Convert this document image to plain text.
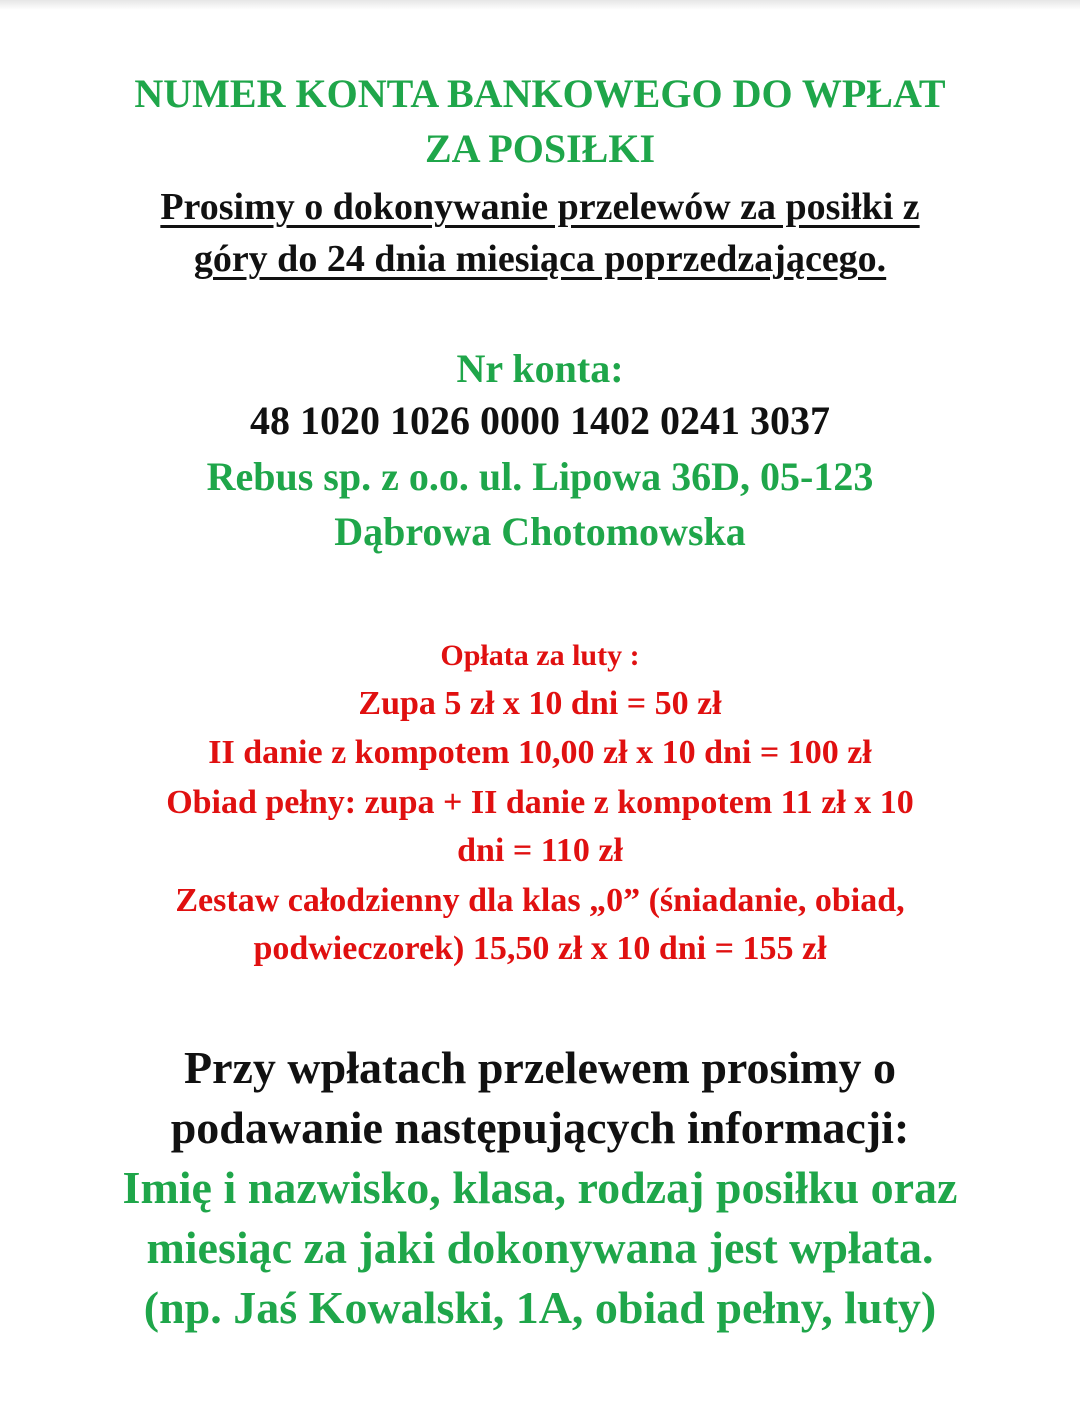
NUMER KONTA BANKOWEGO DO WPŁAT

ZA POSIŁKI

Prosimy o dokonywanie przelewów za posiłki z

góry do 24 dnia miesiąca poprzedzającego.

Nr konta:

48 1020 1026 0000 1402 0241 3037

Rebus sp. z o.o. ul. Lipowa 36D, 05-123

Dąbrowa Chotomowska

Opłata za luty :

Zupa 5 zł x 10 dni = 50 zł

II danie z kompotem 10,00 zł x 10 dni = 100 zł

Obiad pełny: zupa + II danie z kompotem 11 zł x 10

dni = 110 zł

Zestaw całodzienny dla klas „0” (śniadanie, obiad,

podwieczorek) 15,50 zł x 10 dni = 155 zł

Przy wpłatach przelewem prosimy o

podawanie następujących informacji:

Imię i nazwisko, klasa, rodzaj posiłku oraz

miesiąc za jaki dokonywana jest wpłata.

(np. Jaś Kowalski, 1A, obiad pełny, luty)
